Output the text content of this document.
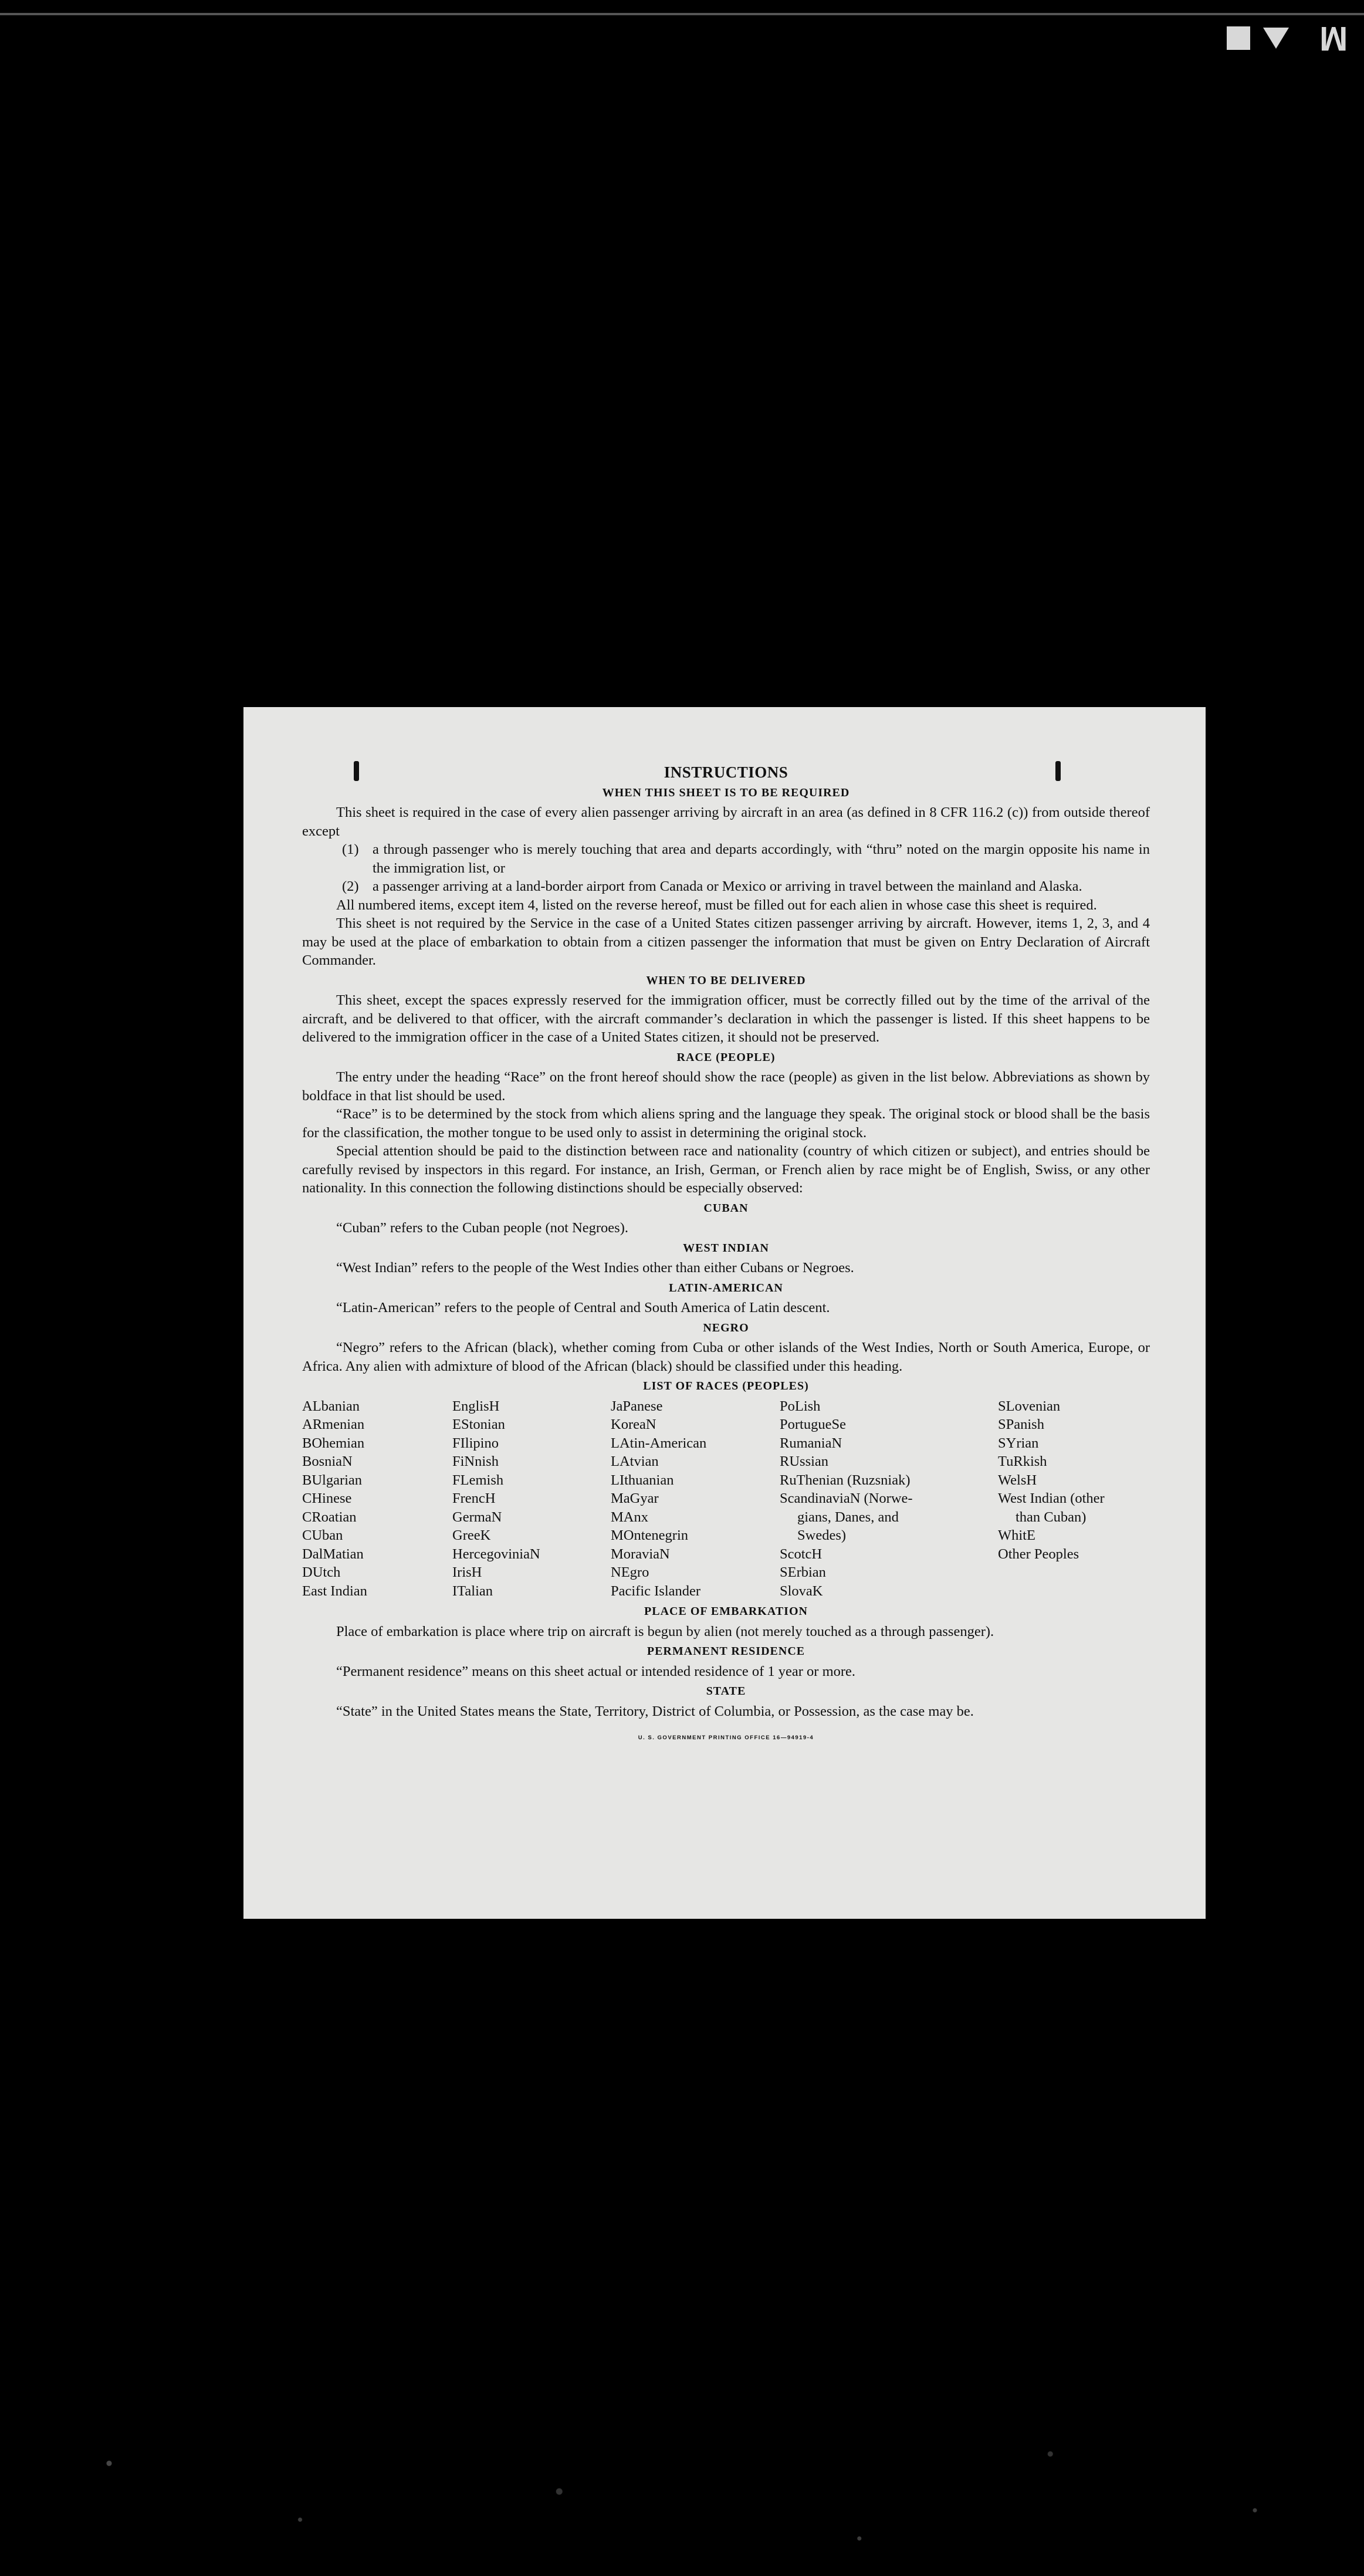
M
INSTRUCTIONS
WHEN THIS SHEET IS TO BE REQUIRED

This sheet is required in the case of every alien passenger arriving by aircraft in an area (as defined in 8 CFR 116.2 (c)) from outside thereof except

(1) a through passenger who is merely touching that area and departs accordingly, with “thru” noted on the margin opposite his name in the immigration list, or

(2) a passenger arriving at a land-border airport from Canada or Mexico or arriving in travel between the mainland and Alaska.

All numbered items, except item 4, listed on the reverse hereof, must be filled out for each alien in whose case this sheet is required.

This sheet is not required by the Service in the case of a United States citizen passenger arriving by aircraft. However, items 1, 2, 3, and 4 may be used at the place of embarkation to obtain from a citizen passenger the information that must be given on Entry Declaration of Aircraft Commander.

WHEN TO BE DELIVERED

This sheet, except the spaces expressly reserved for the immigration officer, must be correctly filled out by the time of the arrival of the aircraft, and be delivered to that officer, with the aircraft commander’s declaration in which the passenger is listed. If this sheet happens to be delivered to the immigration officer in the case of a United States citizen, it should not be preserved.

RACE (PEOPLE)

The entry under the heading “Race” on the front hereof should show the race (people) as given in the list below. Abbreviations as shown by boldface in that list should be used.

“Race” is to be determined by the stock from which aliens spring and the language they speak. The original stock or blood shall be the basis for the classification, the mother tongue to be used only to assist in determining the original stock.

Special attention should be paid to the distinction between race and nationality (country of which citizen or subject), and entries should be carefully revised by inspectors in this regard. For instance, an Irish, German, or French alien by race might be of English, Swiss, or any other nationality. In this connection the following distinctions should be especially observed:

CUBAN

“Cuban” refers to the Cuban people (not Negroes).

WEST INDIAN

“West Indian” refers to the people of the West Indies other than either Cubans or Negroes.

LATIN-AMERICAN

“Latin-American” refers to the people of Central and South America of Latin descent.

NEGRO

“Negro” refers to the African (black), whether coming from Cuba or other islands of the West Indies, North or South America, Europe, or Africa. Any alien with admixture of blood of the African (black) should be classified under this heading.

LIST OF RACES (PEOPLES)
ALbanian
ARmenian
BOhemian
BosniaN
BUlgarian
CHinese
CRoatian
CUban
DalMatian
DUtch
East Indian
EnglisH
EStonian
FIlipino
FiNnish
FLemish
FrencH
GermaN
GreeK
HercegoviniaN
IrisH
ITalian
JaPanese
KoreaN
LAtin-American
LAtvian
LIthuanian
MaGyar
MAnx
MOntenegrin
MoraviaN
NEgro
Pacific Islander
PoLish
PortugueSe
RumaniaN
RUssian
RuThenian (Ruzsniak)
ScandinaviaN (Norwe-
gians, Danes, and
Swedes)
ScotcH
SErbian
SlovaK
SLovenian
SPanish
SYrian
TuRkish
WelsH
West Indian (other
than Cuban)
WhitE
Other Peoples
PLACE OF EMBARKATION

Place of embarkation is place where trip on aircraft is begun by alien (not merely touched as a through passenger).

PERMANENT RESIDENCE

“Permanent residence” means on this sheet actual or intended residence of 1 year or more.

STATE

“State” in the United States means the State, Territory, District of Columbia, or Possession, as the case may be.

U. S. GOVERNMENT PRINTING OFFICE 16—94919-4
